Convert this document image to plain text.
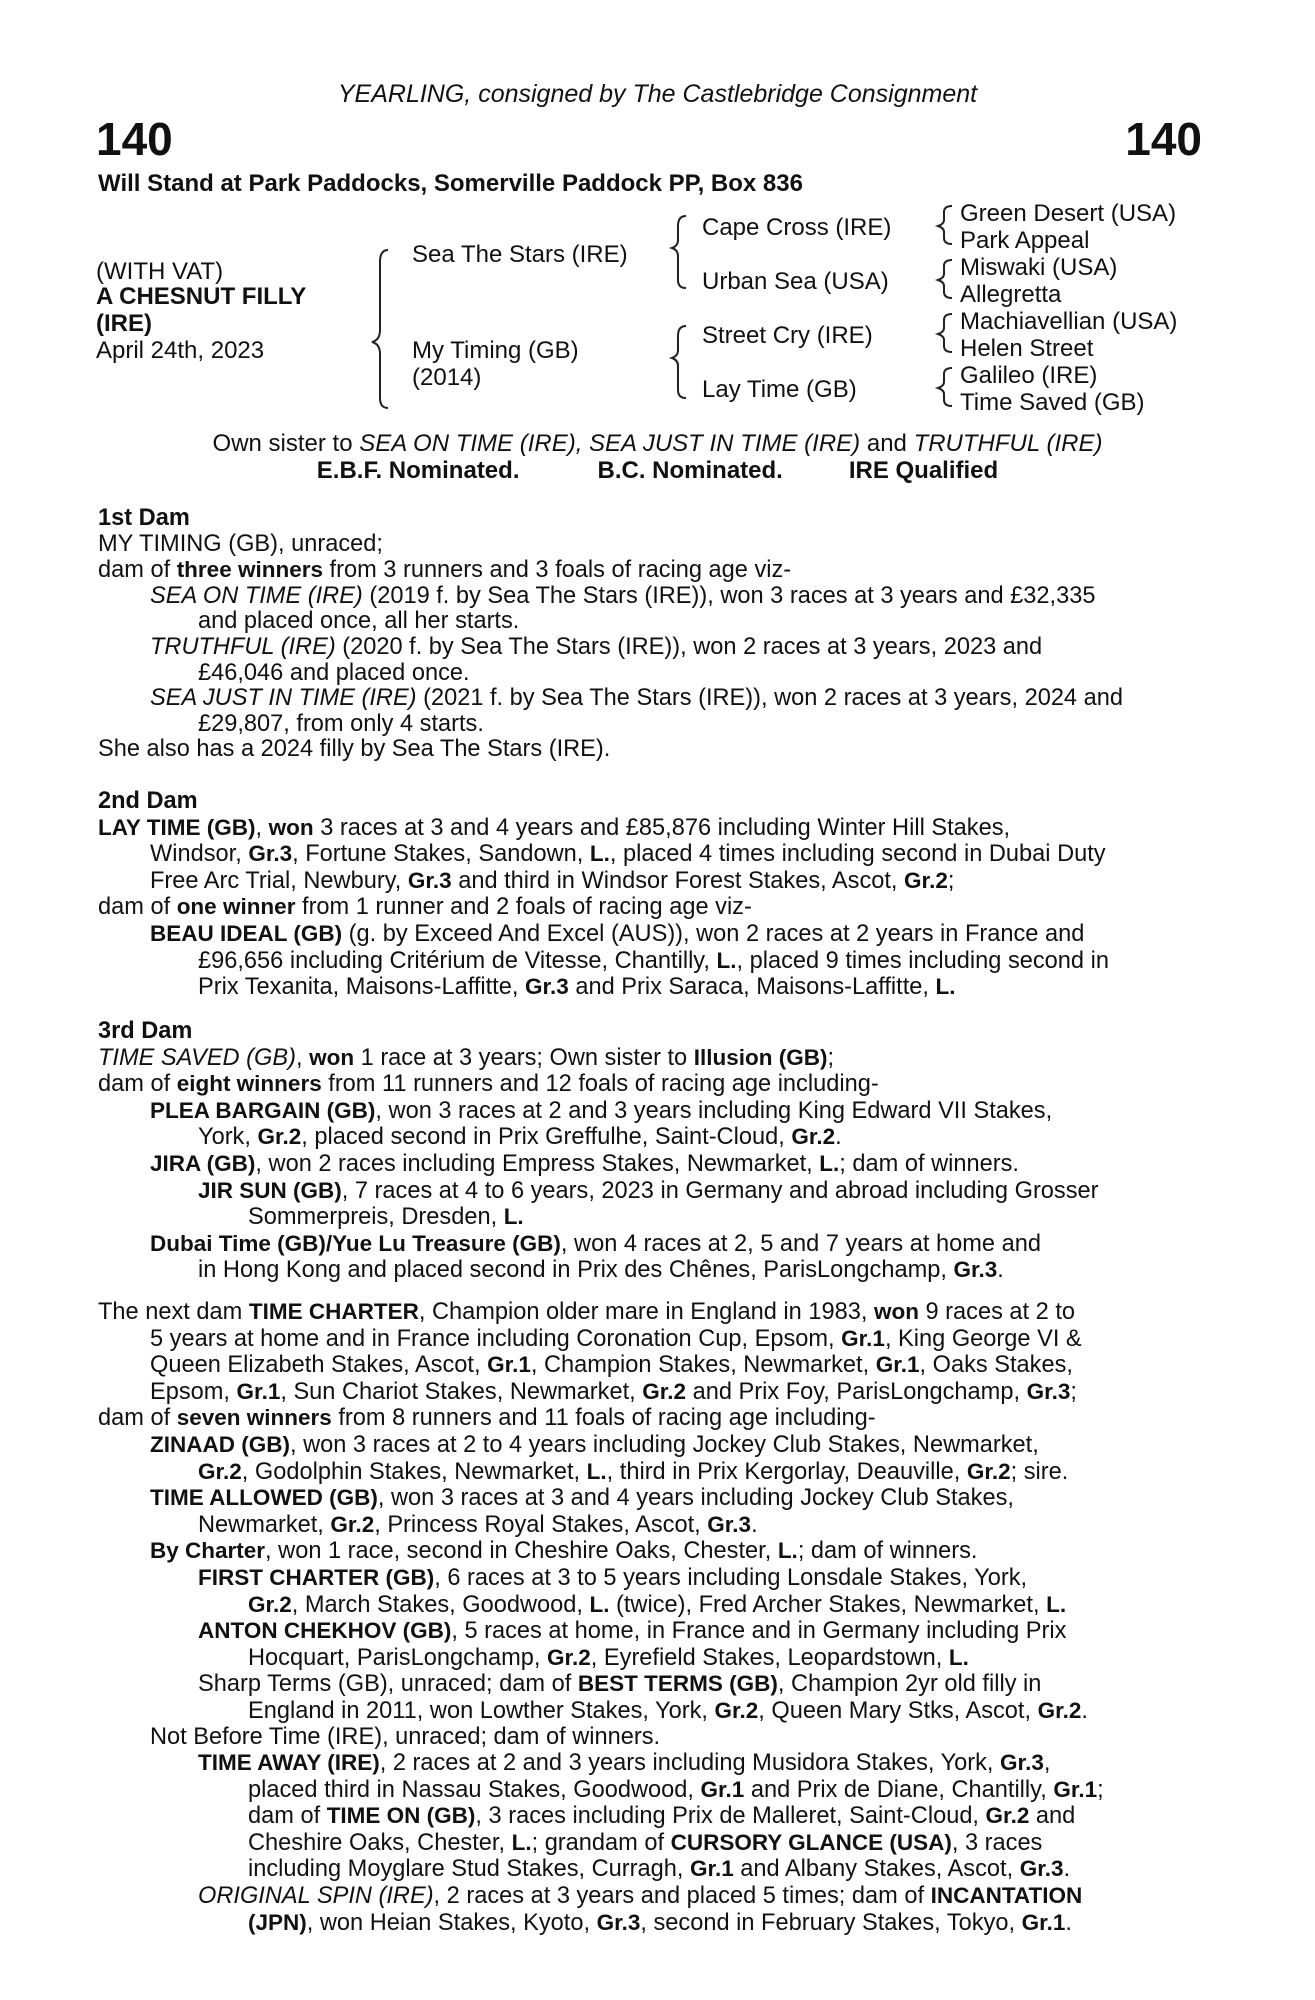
YEARLING, consigned by The Castlebridge Consignment
140	140
Will Stand at Park Paddocks, Somerville Paddock PP, Box 836
(WITH VAT)
A CHESNUT FILLY
(IRE)
April 24th, 2023
Sea The Stars (IRE)
My Timing (GB)
(2014)
Cape Cross (IRE)
Urban Sea (USA)
Street Cry (IRE)
Lay Time (GB)
Green Desert (USA)
Park Appeal
Miswaki (USA)
Allegretta
Machiavellian (USA)
Helen Street
Galileo (IRE)
Time Saved (GB)
Own sister to SEA ON TIME (IRE), SEA JUST IN TIME (IRE) and TRUTHFUL (IRE)
E.B.F. Nominated.	B.C. Nominated.	IRE Qualified
1st Dam
MY TIMING (GB), unraced;
dam of three winners from 3 runners and 3 foals of racing age viz-
SEA ON TIME (IRE) (2019 f. by Sea The Stars (IRE)), won 3 races at 3 years and £32,335
and placed once, all her starts.
TRUTHFUL (IRE) (2020 f. by Sea The Stars (IRE)), won 2 races at 3 years, 2023 and
£46,046 and placed once.
SEA JUST IN TIME (IRE) (2021 f. by Sea The Stars (IRE)), won 2 races at 3 years, 2024 and
£29,807, from only 4 starts.
She also has a 2024 filly by Sea The Stars (IRE).
2nd Dam
LAY TIME (GB), won 3 races at 3 and 4 years and £85,876 including Winter Hill Stakes,
Windsor, Gr.3, Fortune Stakes, Sandown, L., placed 4 times including second in Dubai Duty
Free Arc Trial, Newbury, Gr.3 and third in Windsor Forest Stakes, Ascot, Gr.2;
dam of one winner from 1 runner and 2 foals of racing age viz-
BEAU IDEAL (GB) (g. by Exceed And Excel (AUS)), won 2 races at 2 years in France and
£96,656 including Critérium de Vitesse, Chantilly, L., placed 9 times including second in
Prix Texanita, Maisons-Laffitte, Gr.3 and Prix Saraca, Maisons-Laffitte, L.
3rd Dam
TIME SAVED (GB), won 1 race at 3 years; Own sister to Illusion (GB);
dam of eight winners from 11 runners and 12 foals of racing age including-
PLEA BARGAIN (GB), won 3 races at 2 and 3 years including King Edward VII Stakes,
York, Gr.2, placed second in Prix Greffulhe, Saint-Cloud, Gr.2.
JIRA (GB), won 2 races including Empress Stakes, Newmarket, L.; dam of winners.
JIR SUN (GB), 7 races at 4 to 6 years, 2023 in Germany and abroad including Grosser
Sommerpreis, Dresden, L.
Dubai Time (GB)/Yue Lu Treasure (GB), won 4 races at 2, 5 and 7 years at home and
in Hong Kong and placed second in Prix des Chênes, ParisLongchamp, Gr.3.
The next dam TIME CHARTER, Champion older mare in England in 1983, won 9 races at 2 to
5 years at home and in France including Coronation Cup, Epsom, Gr.1, King George VI &
Queen Elizabeth Stakes, Ascot, Gr.1, Champion Stakes, Newmarket, Gr.1, Oaks Stakes,
Epsom, Gr.1, Sun Chariot Stakes, Newmarket, Gr.2 and Prix Foy, ParisLongchamp, Gr.3;
dam of seven winners from 8 runners and 11 foals of racing age including-
ZINAAD (GB), won 3 races at 2 to 4 years including Jockey Club Stakes, Newmarket,
Gr.2, Godolphin Stakes, Newmarket, L., third in Prix Kergorlay, Deauville, Gr.2; sire.
TIME ALLOWED (GB), won 3 races at 3 and 4 years including Jockey Club Stakes,
Newmarket, Gr.2, Princess Royal Stakes, Ascot, Gr.3.
By Charter, won 1 race, second in Cheshire Oaks, Chester, L.; dam of winners.
FIRST CHARTER (GB), 6 races at 3 to 5 years including Lonsdale Stakes, York,
Gr.2, March Stakes, Goodwood, L. (twice), Fred Archer Stakes, Newmarket, L.
ANTON CHEKHOV (GB), 5 races at home, in France and in Germany including Prix
Hocquart, ParisLongchamp, Gr.2, Eyrefield Stakes, Leopardstown, L.
Sharp Terms (GB), unraced; dam of BEST TERMS (GB), Champion 2yr old filly in
England in 2011, won Lowther Stakes, York, Gr.2, Queen Mary Stks, Ascot, Gr.2.
Not Before Time (IRE), unraced; dam of winners.
TIME AWAY (IRE), 2 races at 2 and 3 years including Musidora Stakes, York, Gr.3,
placed third in Nassau Stakes, Goodwood, Gr.1 and Prix de Diane, Chantilly, Gr.1;
dam of TIME ON (GB), 3 races including Prix de Malleret, Saint-Cloud, Gr.2 and
Cheshire Oaks, Chester, L.; grandam of CURSORY GLANCE (USA), 3 races
including Moyglare Stud Stakes, Curragh, Gr.1 and Albany Stakes, Ascot, Gr.3.
ORIGINAL SPIN (IRE), 2 races at 3 years and placed 5 times; dam of INCANTATION
(JPN), won Heian Stakes, Kyoto, Gr.3, second in February Stakes, Tokyo, Gr.1.
